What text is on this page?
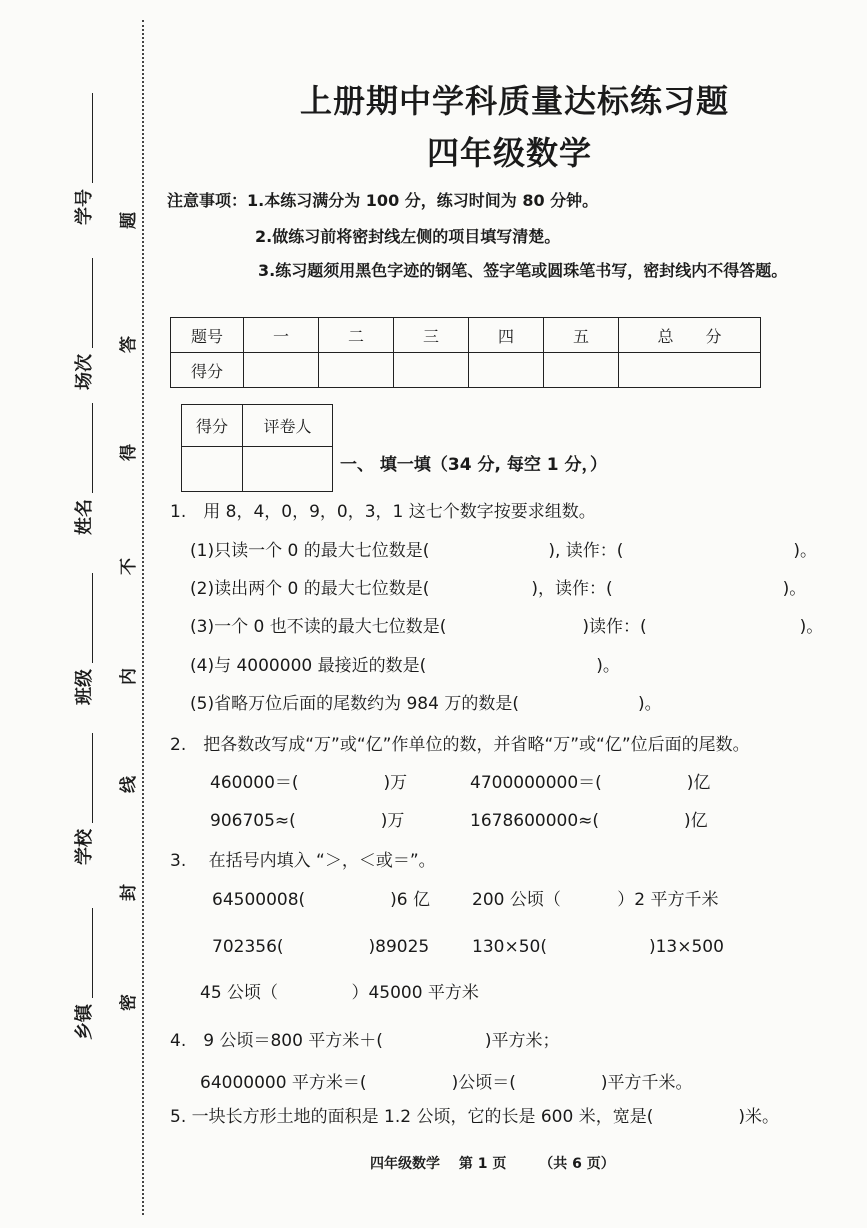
乡镇
学校
班级
姓名
场次
学号 题
答
得
不
内
线
封
密
上册期中学科质量达标练习题
四年级数学
注意事项：1.本练习满分为 100 分，练习时间为 80 分钟。
2.做练习前将密封线左侧的项目填写清楚。
3.练习题须用黑色字迹的钢笔、签字笔或圆珠笔书写，密封线内不得答题。
题号	一	二	三	四	五	总　　分
得分						
得分	评卷人

一、 填一填（34 分, 每空 1 分，）
1.　用 8，4，0，9，0，3，1 这七个数字按要求组数。
(1)只读一个 0 的最大七位数是(　　　　　　　), 读作：(　　　　　　　　　　)。
(2)读出两个 0 的最大七位数是(　　　　　　)，读作：(　　　　　　　　　　)。
(3)一个 0 也不读的最大七位数是(　　　　　　　　)读作：(　　　　　　　　　)。
(4)与 4000000 最接近的数是(　　　　　　　　　　)。
(5)省略万位后面的尾数约为 984 万的数是(　　　　　　　)。
2.　把各数改写成“万”或“亿”作单位的数，并省略“万”或“亿”位后面的尾数。
460000＝(　　　　　)万	4700000000＝(　　　　　)亿
906705≈(　　　　　)万	1678600000≈(　　　　　)亿
3.　 在括号内填入 “＞，＜或＝”。
64500008(　　　　　)6 亿 200 公顷（　　　 ）2 平方千米
702356(　　　　　)89025	130×50(　　　　　　)13×500
45 公顷（　　　　 ）45000 平方米
4.　9 公顷＝800 平方米＋(　　　　　　)平方米；
64000000 平方米＝(　　　　　)公顷＝(　　　　　)平方千米。
5. 一块长方形土地的面积是 1.2 公顷，它的长是 600 米，宽是(　　　　　)米。
四年级数学　 第 1 页　　 （共 6 页）
